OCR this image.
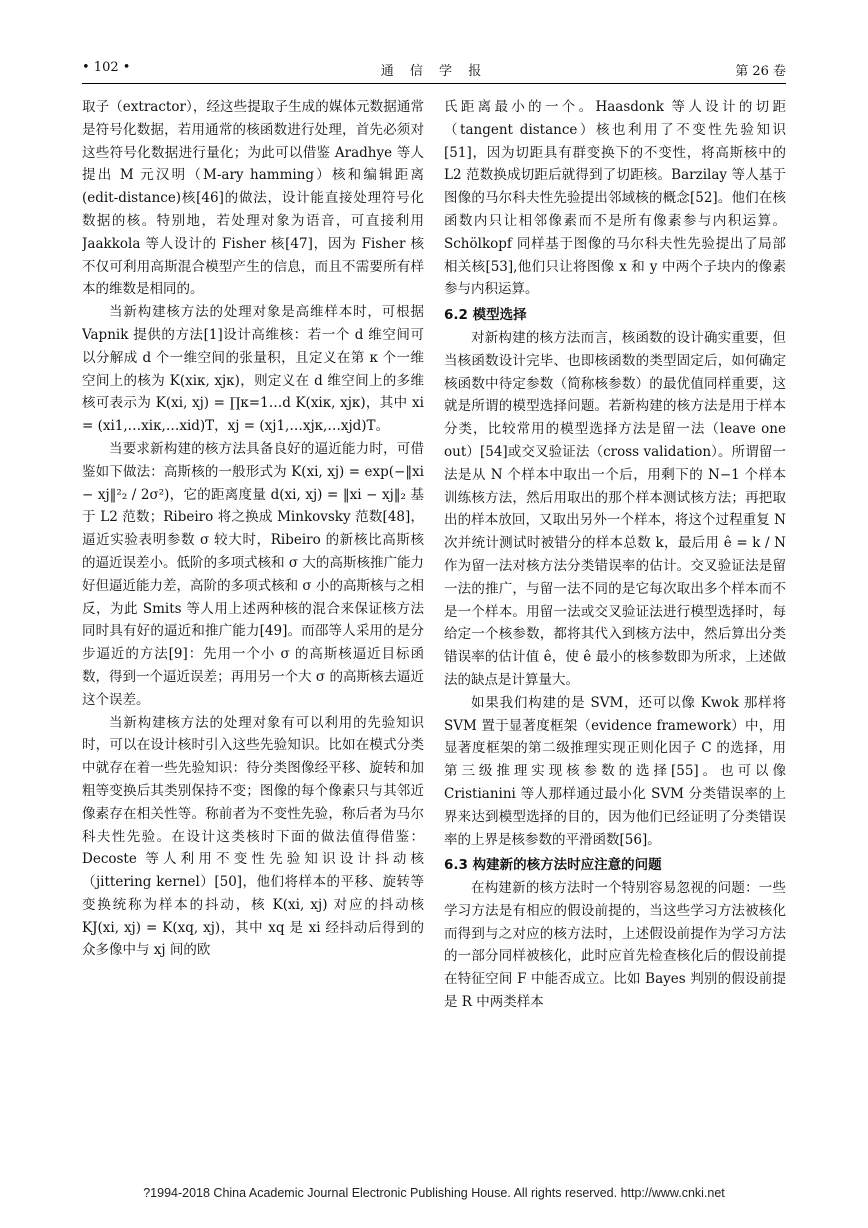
• 102 •	通 信 学 报	第 26 卷

取子（extractor），经这些提取子生成的媒体元数据通常是符号化数据，若用通常的核函数进行处理，首先必须对这些符号化数据进行量化；为此可以借鉴 Aradhye 等人提出 M 元汉明（M-ary hamming）核和编辑距离(edit-distance)核[46]的做法，设计能直接处理符号化数据的核。特别地，若处理对象为语音，可直接利用 Jaakkola 等人设计的 Fisher 核[47]，因为 Fisher 核不仅可利用高斯混合模型产生的信息，而且不需要所有样本的维数是相同的。

当新构建核方法的处理对象是高维样本时，可根据 Vapnik 提供的方法[1]设计高维核：若一个 d 维空间可以分解成 d 个一维空间的张量积，且定义在第 κ 个一维空间上的核为 K(xiκ, xjκ)，则定义在 d 维空间上的多维核可表示为 K(xi, xj) = ∏κ=1…d K(xiκ, xjκ)，其中 xi = (xi1,…xiκ,…xid)T，xj = (xj1,…xjκ,…xjd)T。

当要求新构建的核方法具备良好的逼近能力时，可借鉴如下做法：高斯核的一般形式为 K(xi, xj) = exp(−‖xi − xj‖²₂ / 2σ²)，它的距离度量 d(xi, xj) = ‖xi − xj‖₂ 基于 L2 范数；Ribeiro 将之换成 Minkovsky 范数[48]，逼近实验表明参数 σ 较大时，Ribeiro 的新核比高斯核的逼近误差小。低阶的多项式核和 σ 大的高斯核推广能力好但逼近能力差，高阶的多项式核和 σ 小的高斯核与之相反，为此 Smits 等人用上述两种核的混合来保证核方法同时具有好的逼近和推广能力[49]。而邵等人采用的是分步逼近的方法[9]：先用一个小 σ 的高斯核逼近目标函数，得到一个逼近误差；再用另一个大 σ 的高斯核去逼近这个误差。

当新构建核方法的处理对象有可以利用的先验知识时，可以在设计核时引入这些先验知识。比如在模式分类中就存在着一些先验知识：待分类图像经平移、旋转和加粗等变换后其类别保持不变；图像的每个像素只与其邻近像素存在相关性等。称前者为不变性先验，称后者为马尔科夫性先验。在设计这类核时下面的做法值得借鉴：Decoste 等人利用不变性先验知识设计抖动核（jittering kernel）[50]，他们将样本的平移、旋转等变换统称为样本的抖动，核 K(xi, xj) 对应的抖动核 KJ(xi, xj) = K(xq, xj)，其中 xq 是 xi 经抖动后得到的众多像中与 xj 间的欧

氏距离最小的一个。Haasdonk 等人设计的切距（tangent distance）核也利用了不变性先验知识[51]，因为切距具有群变换下的不变性，将高斯核中的 L2 范数换成切距后就得到了切距核。Barzilay 等人基于图像的马尔科夫性先验提出邻域核的概念[52]。他们在核函数内只让相邻像素而不是所有像素参与内积运算。Schölkopf 同样基于图像的马尔科夫性先验提出了局部相关核[53],他们只让将图像 x 和 y 中两个子块内的像素参与内积运算。

6.2 模型选择

对新构建的核方法而言，核函数的设计确实重要，但当核函数设计完毕、也即核函数的类型固定后，如何确定核函数中待定参数（简称核参数）的最优值同样重要，这就是所谓的模型选择问题。若新构建的核方法是用于样本分类，比较常用的模型选择方法是留一法（leave one out）[54]或交叉验证法（cross validation）。所谓留一法是从 N 个样本中取出一个后，用剩下的 N−1 个样本训练核方法，然后用取出的那个样本测试核方法；再把取出的样本放回，又取出另外一个样本，将这个过程重复 N 次并统计测试时被错分的样本总数 k，最后用 ê = k / N 作为留一法对核方法分类错误率的估计。交叉验证法是留一法的推广，与留一法不同的是它每次取出多个样本而不是一个样本。用留一法或交叉验证法进行模型选择时，每给定一个核参数，都将其代入到核方法中，然后算出分类错误率的估计值 ê，使 ê 最小的核参数即为所求，上述做法的缺点是计算量大。

如果我们构建的是 SVM，还可以像 Kwok 那样将 SVM 置于显著度框架（evidence framework）中，用显著度框架的第二级推理实现正则化因子 C 的选择，用第三级推理实现核参数的选择[55]。也可以像 Cristianini 等人那样通过最小化 SVM 分类错误率的上界来达到模型选择的目的，因为他们已经证明了分类错误率的上界是核参数的平滑函数[56]。

6.3 构建新的核方法时应注意的问题

在构建新的核方法时一个特别容易忽视的问题：一些学习方法是有相应的假设前提的，当这些学习方法被核化而得到与之对应的核方法时，上述假设前提作为学习方法的一部分同样被核化，此时应首先检查核化后的假设前提在特征空间 F 中能否成立。比如 Bayes 判别的假设前提是 R 中两类样本

?1994-2018 China Academic Journal Electronic Publishing House. All rights reserved. http://www.cnki.net
